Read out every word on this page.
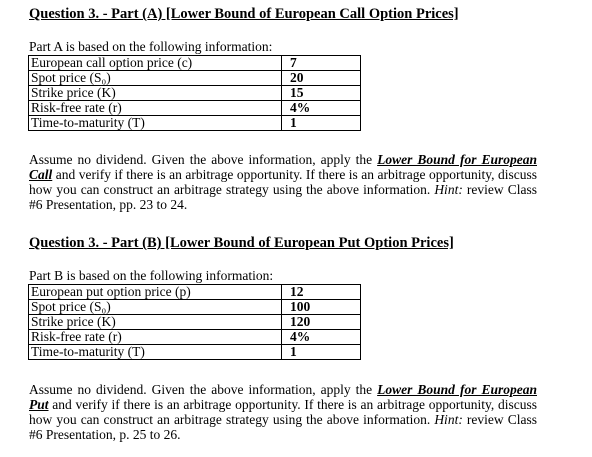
Question 3. - Part (A) [Lower Bound of European Call Option Prices]
Part A is based on the following information:
European call option price (c)	7
Spot price (S₀)	20
Strike price (K)	15
Risk-free rate (r)	4%
Time-to-maturity (T)	1
Assume no dividend. Given the above information, apply the Lower Bound for European Call and verify if there is an arbitrage opportunity. If there is an arbitrage opportunity, discuss how you can construct an arbitrage strategy using the above information. Hint: review Class #6 Presentation, pp. 23 to 24.
Question 3. - Part (B) [Lower Bound of European Put Option Prices]
Part B is based on the following information:
European put option price (p)	12
Spot price (S₀)	100
Strike price (K)	120
Risk-free rate (r)	4%
Time-to-maturity (T)	1
Assume no dividend. Given the above information, apply the Lower Bound for European Put and verify if there is an arbitrage opportunity. If there is an arbitrage opportunity, discuss how you can construct an arbitrage strategy using the above information. Hint: review Class #6 Presentation, p. 25 to 26.
